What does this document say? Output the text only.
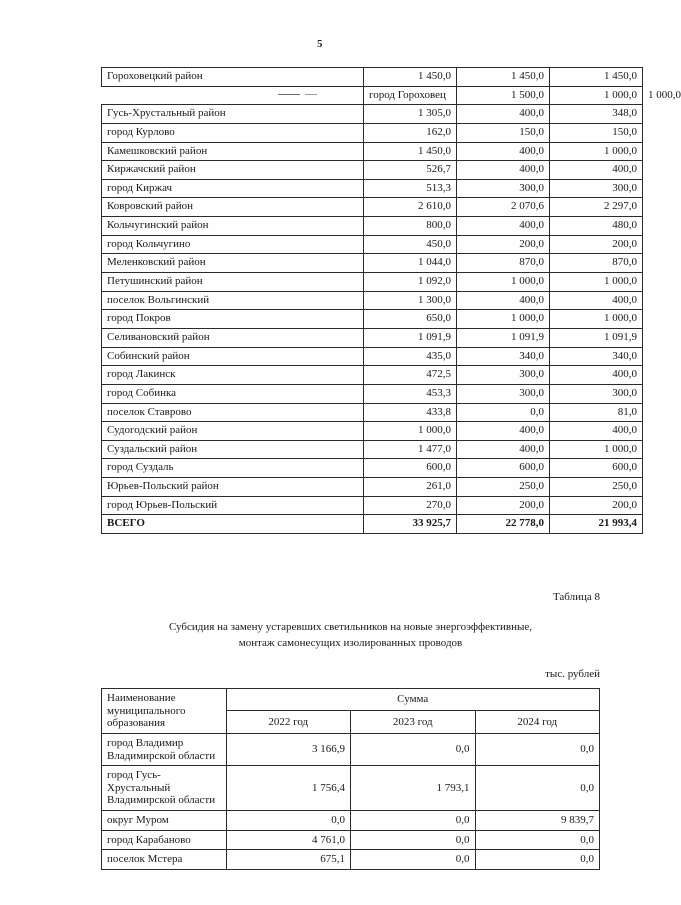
5
Гороховецкий район	1 450,0	1 450,0	1 450,0
город Гороховец	1 500,0	1 000,0	1 000,0	
Гусь-Хрустальный район	1 305,0	400,0	348,0
город Курлово	162,0	150,0	150,0
Камешковский район	1 450,0	400,0	1 000,0
Киржачский район	526,7	400,0	400,0
город Киржач	513,3	300,0	300,0
Ковровский район	2 610,0	2 070,6	2 297,0
Кольчугинский район	800,0	400,0	480,0
город Кольчугино	450,0	200,0	200,0
Меленковский район	1 044,0	870,0	870,0
Петушинский район	1 092,0	1 000,0	1 000,0
поселок Вольгинский	1 300,0	400,0	400,0
город Покров	650,0	1 000,0	1 000,0
Селивановский район	1 091,9	1 091,9	1 091,9
Собинский район	435,0	340,0	340,0
город Лакинск	472,5	300,0	400,0
город Собинка	453,3	300,0	300,0
поселок Ставрово	433,8	0,0	81,0
Судогодский район	1 000,0	400,0	400,0
Суздальский район	1 477,0	400,0	1 000,0
город Суздаль	600,0	600,0	600,0
Юрьев-Польский район	261,0	250,0	250,0
город Юрьев-Польский	270,0	200,0	200,0
ВСЕГО	33 925,7	22 778,0	21 993,4
Таблица 8
Субсидия на замену устаревших светильников на новые энергоэффективные,
монтаж самонесущих изолированных проводов
тыс. рублей
Наименование муниципального образования	Сумма		
	2022 год	2023 год	2024 год
город Владимир Владимирской области	3 166,9	0,0	0,0
город Гусь-Хрустальный Владимирской области	1 756,4	1 793,1	0,0
округ Муром	0,0	0,0	9 839,7
город Карабаново	4 761,0	0,0	0,0
поселок Мстера	675,1	0,0	0,0
